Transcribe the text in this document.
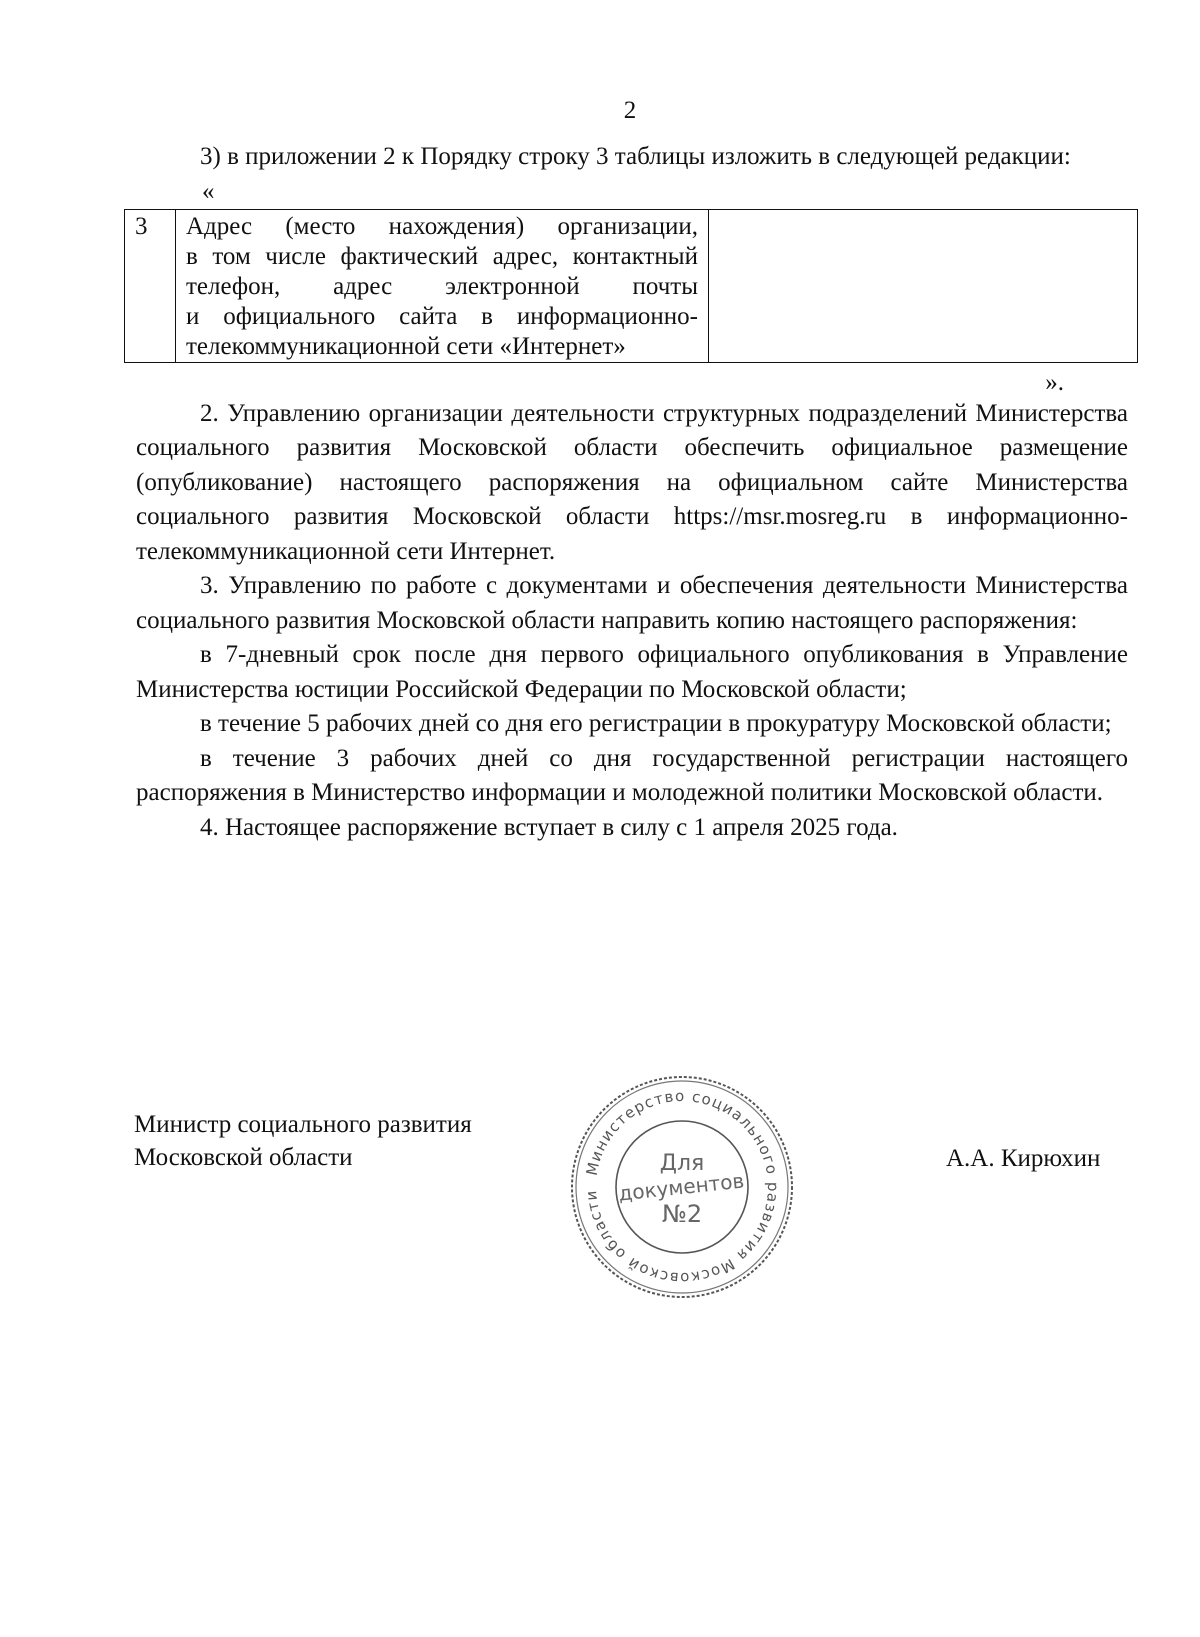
2

3) в приложении 2 к Порядку строку 3 таблицы изложить в следующей редакции:

«

3	Адрес (место нахождения) организации,
в том числе фактический адрес, контактный
телефон, адрес электронной почты
и официального сайта в информационно-
телекоммуникационной сети «Интернет»

».

2. Управлению организации деятельности структурных подразделений Министерства социального развития Московской области обеспечить официальное размещение (опубликование) настоящего распоряжения на официальном сайте Министерства социального развития Московской области https://msr.mosreg.ru в информационно-телекоммуникационной сети Интернет.

3. Управлению по работе с документами и обеспечения деятельности Министерства социального развития Московской области направить копию настоящего распоряжения:

в 7-дневный срок после дня первого официального опубликования в Управление Министерства юстиции Российской Федерации по Московской области;

в течение 5 рабочих дней со дня его регистрации в прокуратуру Московской области;

в течение 3 рабочих дней со дня государственной регистрации настоящего распоряжения в Министерство информации и молодежной политики Московской области.

4. Настоящее распоряжение вступает в силу с 1 апреля 2025 года.

Министр социального развития
Московской области	Министерство социального развития Московской области
Для
документов
№2
А.А. Кирюхин
